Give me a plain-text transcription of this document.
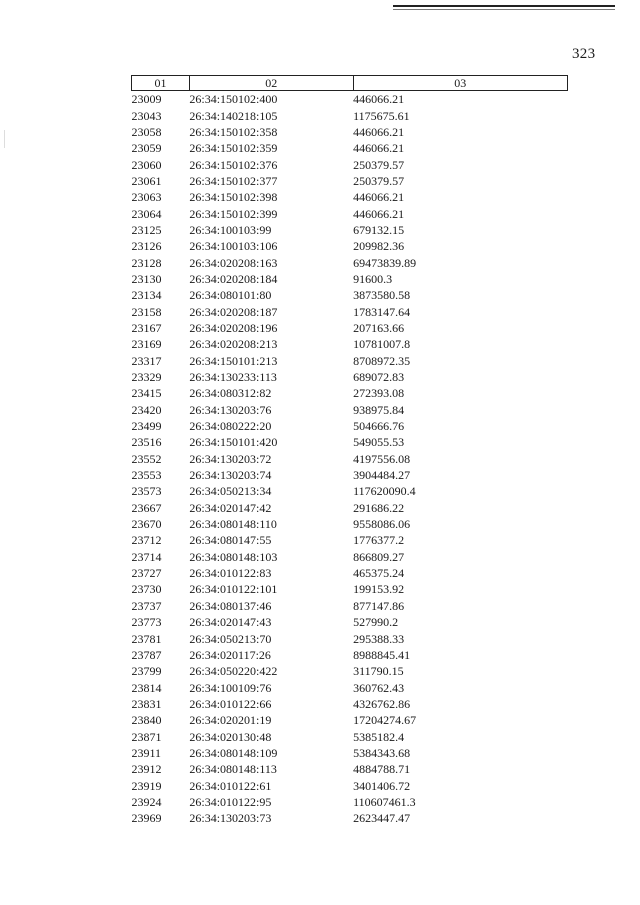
323
01	02	03
23009	26:34:150102:400	446066.21
23043	26:34:140218:105	1175675.61
23058	26:34:150102:358	446066.21
23059	26:34:150102:359	446066.21
23060	26:34:150102:376	250379.57
23061	26:34:150102:377	250379.57
23063	26:34:150102:398	446066.21
23064	26:34:150102:399	446066.21
23125	26:34:100103:99	679132.15
23126	26:34:100103:106	209982.36
23128	26:34:020208:163	69473839.89
23130	26:34:020208:184	91600.3
23134	26:34:080101:80	3873580.58
23158	26:34:020208:187	1783147.64
23167	26:34:020208:196	207163.66
23169	26:34:020208:213	10781007.8
23317	26:34:150101:213	8708972.35
23329	26:34:130233:113	689072.83
23415	26:34:080312:82	272393.08
23420	26:34:130203:76	938975.84
23499	26:34:080222:20	504666.76
23516	26:34:150101:420	549055.53
23552	26:34:130203:72	4197556.08
23553	26:34:130203:74	3904484.27
23573	26:34:050213:34	117620090.4
23667	26:34:020147:42	291686.22
23670	26:34:080148:110	9558086.06
23712	26:34:080147:55	1776377.2
23714	26:34:080148:103	866809.27
23727	26:34:010122:83	465375.24
23730	26:34:010122:101	199153.92
23737	26:34:080137:46	877147.86
23773	26:34:020147:43	527990.2
23781	26:34:050213:70	295388.33
23787	26:34:020117:26	8988845.41
23799	26:34:050220:422	311790.15
23814	26:34:100109:76	360762.43
23831	26:34:010122:66	4326762.86
23840	26:34:020201:19	17204274.67
23871	26:34:020130:48	5385182.4
23911	26:34:080148:109	5384343.68
23912	26:34:080148:113	4884788.71
23919	26:34:010122:61	3401406.72
23924	26:34:010122:95	110607461.3
23969	26:34:130203:73	2623447.47
